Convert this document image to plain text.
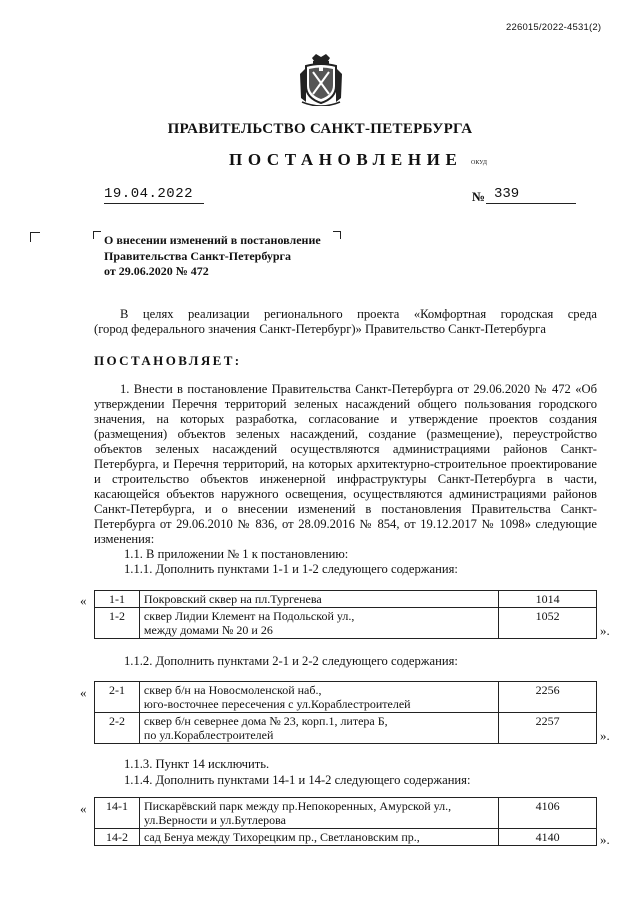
226015/2022-4531(2)
ПРАВИТЕЛЬСТВО САНКТ-ПЕТЕРБУРГА
ПОСТАНОВЛЕНИЕ ОКУД
19.04.2022	№ 339
О внесении изменений в постановление
Правительства Санкт-Петербурга
от 29.06.2020 № 472

В целях реализации регионального проекта «Комфортная городская среда

(город федерального значения Санкт-Петербург)» Правительство Санкт-Петербурга

ПОСТАНОВЛЯЕТ:

1. Внести в постановление Правительства Санкт-Петербурга от 29.06.2020 № 472 «Об утверждении Перечня территорий зеленых насаждений общего пользования городского значения, на которых разработка, согласование и утверждение проектов создания (размещения) объектов зеленых насаждений, создание (размещение), переустройство объектов зеленых насаждений осуществляются администрациями районов Санкт-Петербурга, и Перечня территорий, на которых архитектурно-строительное проектирование и строительство объектов инженерной инфраструктуры Санкт-Петербурга в части, касающейся объектов наружного освещения, осуществляются администрациями районов Санкт-Петербурга, и о внесении изменений в постановления Правительства Санкт-Петербурга от 29.06.2010 № 836, от 28.09.2016 № 854, от 19.12.2017 № 1098» следующие изменения:

1.1. В приложении № 1 к постановлению:
1.1.1. Дополнить пунктами 1-1 и 1-2 следующего содержания:
« 1-1	Покровский сквер на пл.Тургенева	1014
1-2	сквер Лидии Клемент на Подольской ул.,
между домами № 20 и 26	1052
».
1.1.2. Дополнить пунктами 2-1 и 2-2 следующего содержания:
« 2-1	сквер б/н на Новосмоленской наб.,
юго-восточнее пересечения с ул.Кораблестроителей	2256
2-2	сквер б/н севернее дома № 23, корп.1, литера Б,
по ул.Кораблестроителей	2257
».
1.1.3. Пункт 14 исключить.
1.1.4. Дополнить пунктами 14-1 и 14-2 следующего содержания:
« 14-1	Пискарёвский парк между пр.Непокоренных, Амурской ул.,
ул.Верности и ул.Бутлерова	4106
14-2	сад Бенуа между Тихорецким пр., Светлановским пр.,	4140	».
